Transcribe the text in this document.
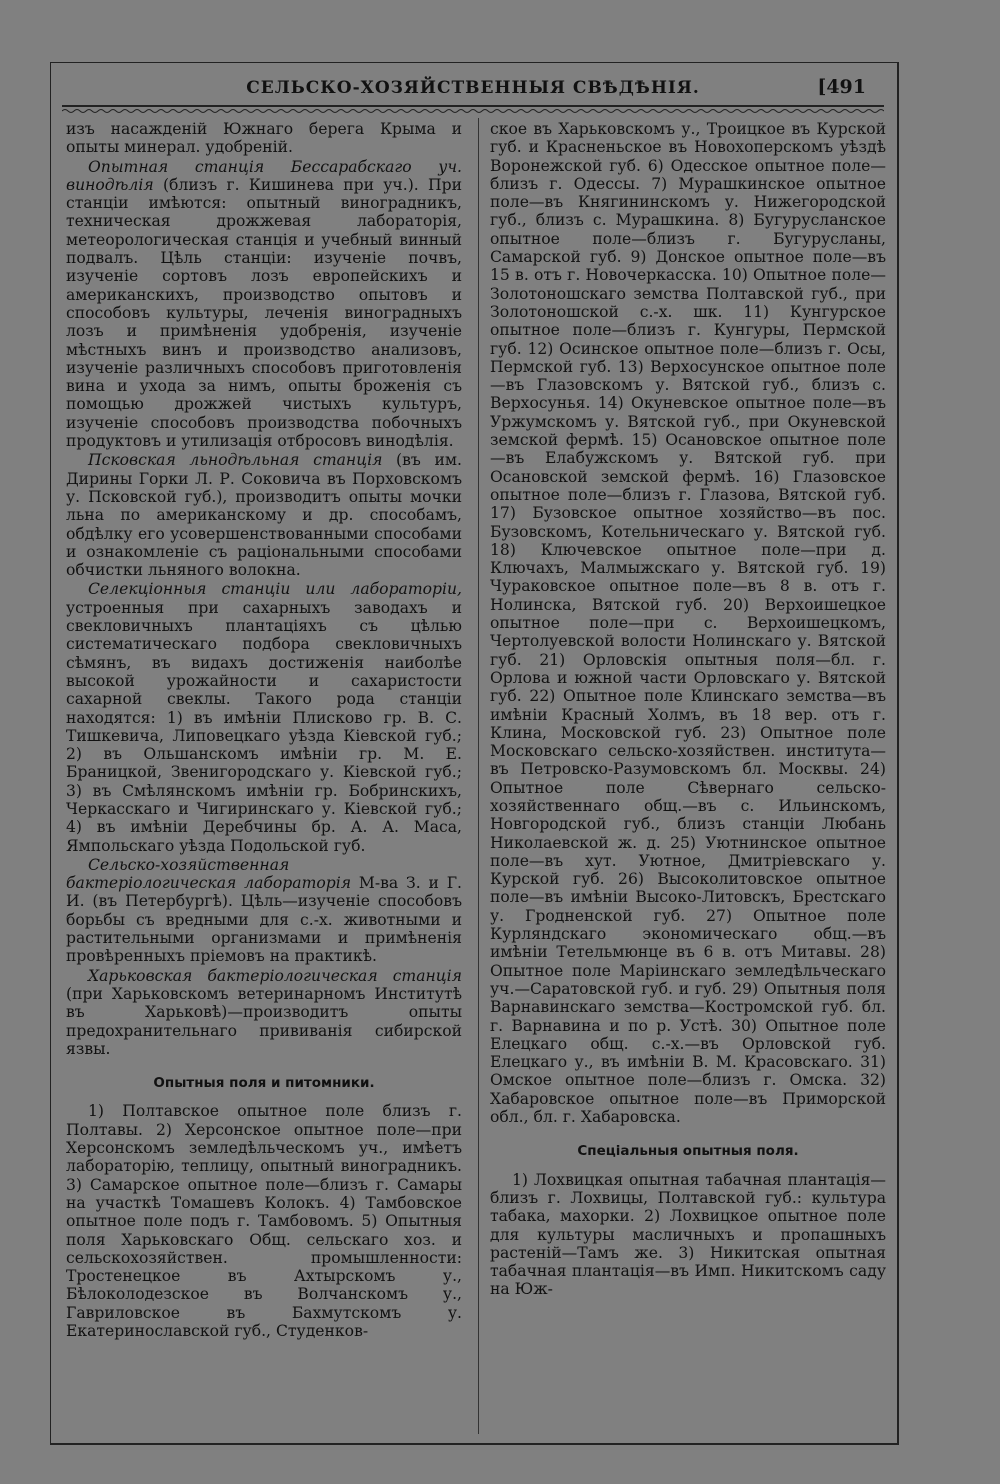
СЕЛЬСКО-ХОЗЯЙСТВЕННЫЯ СВѢДѢНІЯ.	[491

изъ насажденій Южнаго берега Крыма и опыты минерал. удобреній.

Опытная станція Бессарабскаго уч. винодѣлія (близъ г. Кишинева при уч.). При станціи имѣются: опытный виноградникъ, техническая дрожжевая лабораторія, метеорологическая станція и учебный винный подвалъ. Цѣль станціи: изученіе почвъ, изученіе сортовъ лозъ европейскихъ и американскихъ, производство опытовъ и способовъ культуры, леченія виноградныхъ лозъ и примѣненія удобренія, изученіе мѣстныхъ винъ и производство анализовъ, изученіе различныхъ способовъ приготовленія вина и ухода за нимъ, опыты броженія съ помощью дрожжей чистыхъ культуръ, изученіе способовъ производства побочныхъ продуктовъ и утилизація отбросовъ винодѣлія.

Псковская льнодѣльная станція (въ им. Дирины Горки Л. Р. Соковича въ Порховскомъ у. Псковской губ.), производитъ опыты мочки льна по американскому и др. способамъ, обдѣлку его усовершенствованными способами и ознакомленіе съ раціональными способами обчистки льняного волокна.

Селекціонныя станціи или лабораторіи, устроенныя при сахарныхъ заводахъ и свекловичныхъ плантаціяхъ съ цѣлью систематическаго подбора свекловичныхъ сѣмянъ, въ видахъ достиженія наиболѣе высокой урожайности и сахаристости сахарной свеклы. Такого рода станціи находятся: 1) въ имѣніи Плисково гр. В. С. Тишкевича, Липовецкаго уѣзда Кіевской губ.; 2) въ Ольшанскомъ имѣніи гр. М. Е. Браницкой, Звенигородскаго у. Кіевской губ.; 3) въ Смѣлянскомъ имѣніи гр. Бобринскихъ, Черкасскаго и Чигиринскаго у. Кіевской губ.; 4) въ имѣніи Деребчины бр. А. А. Маса, Ямпольскаго уѣзда Подольской губ.

Сельско-хозяйственная бактеріологическая лабораторія М-ва З. и Г. И. (въ Петербургѣ). Цѣль—изученіе способовъ борьбы съ вредными для с.-х. животными и растительными организмами и примѣненія провѣренныхъ пріемовъ на практикѣ.

Харьковская бактеріологическая станція (при Харьковскомъ ветеринарномъ Институтѣ въ Харьковѣ)—производитъ опыты предохранительнаго прививанія сибирской язвы.

Опытныя поля и питомники.

1) Полтавское опытное поле близъ г. Полтавы. 2) Херсонское опытное поле—при Херсонскомъ земледѣльческомъ уч., имѣетъ лабораторію, теплицу, опытный виноградникъ. 3) Самарское опытное поле—близъ г. Самары на участкѣ Томашевъ Колокъ. 4) Тамбовское опытное поле подъ г. Тамбовомъ. 5) Опытныя поля Харьковскаго Общ. сельскаго хоз. и сельскохозяйствен. промышленности: Тростенецкое въ Ахтырскомъ у., Бѣлоколодезское въ Волчанскомъ у., Гавриловское въ Бахмутскомъ у. Екатеринославской губ., Студенков-

ское въ Харьковскомъ у., Троицкое въ Курской губ. и Красненьское въ Новохоперскомъ уѣздѣ Воронежской губ. 6) Одесское опытное поле—близъ г. Одессы. 7) Мурашкинское опытное поле—въ Княгининскомъ у. Нижегородской губ., близъ с. Мурашкина. 8) Бугурусланское опытное поле—близъ г. Бугурусланы, Самарской губ. 9) Донское опытное поле—въ 15 в. отъ г. Новочеркасска. 10) Опытное поле—Золотоношскаго земства Полтавской губ., при Золотоношской с.-х. шк. 11) Кунгурское опытное поле—близъ г. Кунгуры, Пермской губ. 12) Осинское опытное поле—близъ г. Осы, Пермской губ. 13) Верхосунское опытное поле—въ Глазовскомъ у. Вятской губ., близъ с. Верхосунья. 14) Окуневское опытное поле—въ Уржумскомъ у. Вятской губ., при Окуневской земской фермѣ. 15) Осановское опытное поле—въ Елабужскомъ у. Вятской губ. при Осановской земской фермѣ. 16) Глазовское опытное поле—близъ г. Глазова, Вятской губ. 17) Бузовское опытное хозяйство—въ пос. Бузовскомъ, Котельническаго у. Вятской губ. 18) Ключевское опытное поле—при д. Ключахъ, Малмыжскаго у. Вятской губ. 19) Чураковское опытное поле—въ 8 в. отъ г. Нолинска, Вятской губ. 20) Верхоишецкое опытное поле—при с. Верхоишецкомъ, Чертолуевской волости Нолинскаго у. Вятской губ. 21) Орловскія опытныя поля—бл. г. Орлова и южной части Орловскаго у. Вятской губ. 22) Опытное поле Клинскаго земства—въ имѣніи Красный Холмъ, въ 18 вер. отъ г. Клина, Московской губ. 23) Опытное поле Московскаго сельско-хозяйствен. института—въ Петровско-Разумовскомъ бл. Москвы. 24) Опытное поле Сѣвернаго сельско-хозяйственнаго общ.—въ с. Ильинскомъ, Новгородской губ., близъ станціи Любань Николаевской ж. д. 25) Уютнинское опытное поле—въ хут. Уютное, Дмитріевскаго у. Курской губ. 26) Высоколитовское опытное поле—въ имѣніи Высоко-Литовскъ, Брестскаго у. Гродненской губ. 27) Опытное поле Курляндскаго экономическаго общ.—въ имѣніи Тетельмюнце въ 6 в. отъ Митавы. 28) Опытное поле Маріинскаго земледѣльческаго уч.—Саратовской губ. и губ. 29) Опытныя поля Варнавинскаго земства—Костромской губ. бл. г. Варнавина и по р. Устѣ. 30) Опытное поле Елецкаго общ. с.-х.—въ Орловской губ. Елецкаго у., въ имѣніи В. М. Красовскаго. 31) Омское опытное поле—близъ г. Омска. 32) Хабаровское опытное поле—въ Приморской обл., бл. г. Хабаровска.

Спеціальныя опытныя поля.

1) Лохвицкая опытная табачная плантація—близъ г. Лохвицы, Полтавской губ.: культура табака, махорки. 2) Лохвицкое опытное поле для культуры масличныхъ и пропашныхъ растеній—Тамъ же. 3) Никитская опытная табачная плантація—въ Имп. Никитскомъ саду на Юж-
